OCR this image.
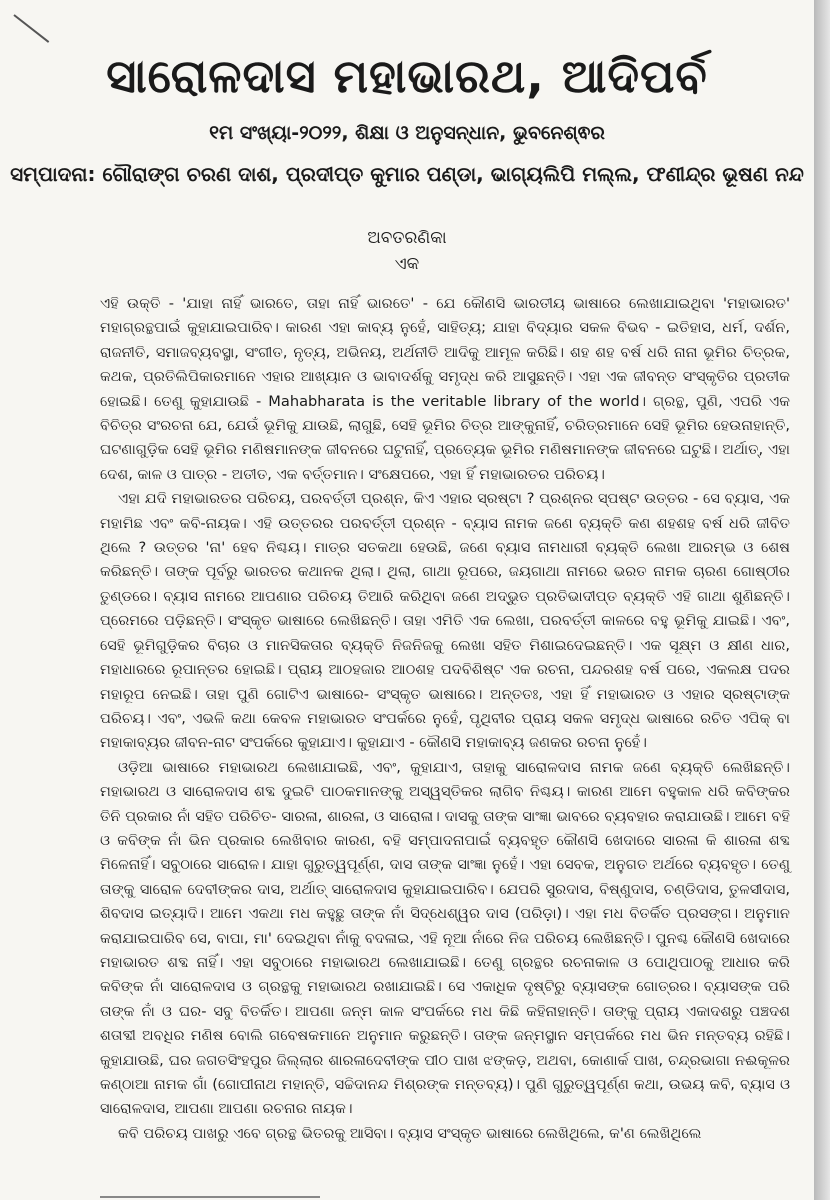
ସାରୋଳଦାସ ମହାଭାରଥ, ଆଦିପର୍ବ
୧ମ ସଂଖ୍ୟା-୨୦୨୨, ଶିକ୍ଷା ଓ ଅନୁସନ୍ଧାନ, ଭୁବନେଶ୍ଵର
ସମ୍ପାଦନା: ଗୌରାଙ୍ଗ ଚରଣ ଦାଶ, ପ୍ରଦୀପ୍ତ କୁମାର ପଣ୍ଡା, ଭାଗ୍ୟଲିପି ମଲ୍ଲ, ଫଣୀନ୍ଦ୍ର ଭୂଷଣ ନନ୍ଦ
ଅବତରଣିକା
ଏକ

ଏହି ଉକ୍ତି - 'ଯାହା ନାହିଁ ଭାରତେ, ତାହା ନାହିଁ ଭାରତେ' - ଯେ କୌଣସି ଭାରତୀୟ ଭାଷାରେ ଲେଖାଯାଇଥିବା 'ମହାଭାରତ' ମହାଗ୍ରନ୍ଥପାଇଁ କୁହାଯାଇପାରିବ। କାରଣ ଏହା କାବ୍ୟ ନୁହେଁ, ସାହିତ୍ୟ; ଯାହା ବିଦ୍ୟାର ସକଳ ବିଭବ - ଇତିହାସ, ଧର୍ମ, ଦର୍ଶନ, ରାଜନୀତି, ସମାଜବ୍ୟବସ୍ଥା, ସଂଗୀତ, ନୃତ୍ୟ, ଅଭିନୟ, ଅର୍ଥନୀତି ଆଦିକୁ ଆମୂଳ କରିଛି। ଶହ ଶହ ବର୍ଷ ଧରି ନାନା ଭୂମିର ଚିତ୍ରକ, କଥକ, ପ୍ରତିଲିପିକାରମାନେ ଏହାର ଆଖ୍ୟାନ ଓ ଭାବାଦର୍ଶକୁ ସମୃଦ୍ଧ କରି ଆସୁଛନ୍ତି। ଏହା ଏକ ଜୀବନ୍ତ ସଂସ୍କୃତିର ପ୍ରତୀକ ହୋଇଛି। ତେଣୁ କୁହାଯାଉଛି - Mahabharata is the veritable library of the world। ଗ୍ରନ୍ଥ, ପୁଣି, ଏପରି ଏକ ବିଚିତ୍ର ସଂରଚନା ଯେ, ଯେଉଁ ଭୂମିକୁ ଯାଉଛି, ଲାଗୁଛି, ସେହି ଭୂମିର ଚିତ୍ର ଆଙ୍କୁନାହିଁ, ଚରିତ୍ରମାନେ ସେହି ଭୂମିର ହେଉନାହାନ୍ତି, ଘଟଣାଗୁଡ଼ିକ ସେହି ଭୂମିର ମଣିଷମାନଙ୍କ ଜୀବନରେ ଘଟୁନାହିଁ, ପ୍ରତ୍ୟେକ ଭୂମିର ମଣିଷମାନଙ୍କ ଜୀବନରେ ଘଟୁଛି। ଅର୍ଥାତ୍, ଏହା ଦେଶ, କାଳ ଓ ପାତ୍ର - ଅତୀତ, ଏକ ବର୍ତ୍ତମାନ। ସଂକ୍ଷେପରେ, ଏହା ହିଁ ମହାଭାରତର ପରିଚୟ।

ଏହା ଯଦି ମହାଭାରତର ପରିଚୟ, ପରବର୍ତ୍ତୀ ପ୍ରଶ୍ନ, କିଏ ଏହାର ସ୍ରଷ୍ଟା ? ପ୍ରଶ୍ନର ସ୍ପଷ୍ଟ ଉତ୍ତର - ସେ ବ୍ୟାସ, ଏକ ମହାମିଛ ଏବଂ କବି-ନାୟକ। ଏହି ଉତ୍ତରର ପରବର୍ତ୍ତୀ ପ୍ରଶ୍ନ - ବ୍ୟାସ ନାମକ ଜଣେ ବ୍ୟକ୍ତି କଣ ଶହଶହ ବର୍ଷ ଧରି ଜୀବିତ ଥିଲେ ? ଉତ୍ତର 'ନା' ହେବ ନିଶ୍ଚୟ। ମାତ୍ର ସତକଥା ହେଉଛି, ଜଣେ ବ୍ୟାସ ନାମଧାରୀ ବ୍ୟକ୍ତି ଲେଖା ଆରମ୍ଭ ଓ ଶେଷ କରିଛନ୍ତି। ତାଙ୍କ ପୂର୍ବରୁ ଭାରତର କଥାନକ ଥିଲା। ଥିଲା, ଗାଥା ରୂପରେ, ଜୟଗାଥା ନାମରେ ଭରତ ନାମକ ଚାରଣ ଗୋଷ୍ଠୀର ତୁଣ୍ଡରେ। ବ୍ୟାସ ନାମରେ ଆପଣାର ପରିଚୟ ତିଆରି କରିଥିବା ଜଣେ ଅଦ୍ଭୁତ ପ୍ରତିଭାଦୀପ୍ତ ବ୍ୟକ୍ତି ଏହି ଗାଥା ଶୁଣିଛନ୍ତି। ପ୍ରେମରେ ପଡ଼ିଛନ୍ତି। ସଂସ୍କୃତ ଭାଷାରେ ଲେଖିଛନ୍ତି। ତାହା ଏମିତି ଏକ ଲେଖା, ପରବର୍ତ୍ତୀ କାଳରେ ବହୁ ଭୂମିକୁ ଯାଇଛି। ଏବଂ, ସେହି ଭୂମିଗୁଡ଼ିକର ବିଚାର ଓ ମାନସିକତାର ବ୍ୟକ୍ତି ନିଜନିଜକୁ ଲେଖା ସହିତ ମିଶାଇଦେଇଛନ୍ତି। ଏକ ସୂକ୍ଷ୍ମ ଓ କ୍ଷୀଣ ଧାର, ମହାଧାରରେ ରୂପାନ୍ତର ହୋଇଛି। ପ୍ରାୟ ଆଠହଜାର ଆଠଶହ ପଦବିଶିଷ୍ଟ ଏକ ରଚନା, ପନ୍ଦରଶହ ବର୍ଷ ପରେ, ଏକଲକ୍ଷ ପଦର ମହାରୂପ ନେଇଛି। ତାହା ପୁଣି ଗୋଟିଏ ଭାଷାରେ- ସଂସ୍କୃତ ଭାଷାରେ। ଅନ୍ତତଃ, ଏହା ହିଁ ମହାଭାରତ ଓ ଏହାର ସ୍ରଷ୍ଟାଙ୍କ ପରିଚୟ। ଏବଂ, ଏଭଳି କଥା କେବଳ ମହାଭାରତ ସଂପର୍କରେ ନୁହେଁ, ପୃଥିବୀର ପ୍ରାୟ ସକଳ ସମୃଦ୍ଧ ଭାଷାରେ ରଚିତ ଏପିକ୍ ବା ମହାକାବ୍ୟର ଜୀବନ-ନାଟ ସଂପର୍କରେ କୁହାଯାଏ। କୁହାଯାଏ - କୌଣସି ମହାକାବ୍ୟ ଜଣକର ରଚନା ନୁହେଁ।

ଓଡ଼ିଆ ଭାଷାରେ ମହାଭାରଥ ଲେଖାଯାଇଛି, ଏବଂ, କୁହାଯାଏ, ତାହାକୁ ସାରୋଳଦାସ ନାମକ ଜଣେ ବ୍ୟକ୍ତି ଲେଖିଛନ୍ତି। ମହାଭାରଥ ଓ ସାରୋଳଦାସ ଶବ୍ଦ ଦୁଇଟି ପାଠକମାନଙ୍କୁ ଅସ୍ୱସ୍ତିକର ଲାଗିବ ନିଶ୍ଚୟ। କାରଣ ଆମେ ବହୁକାଳ ଧରି କବିଙ୍କର ତିନି ପ୍ରକାର ନାଁ ସହିତ ପରିଚିତ- ସାରଳା, ଶାରଳା, ଓ ସାରୋଳା। ଦାସକୁ ତାଙ୍କ ସାଂଜ୍ଞା ଭାବରେ ବ୍ୟବହାର କରାଯାଉଛି। ଆମେ ବହି ଓ କବିଙ୍କ ନାଁ ଭିନ ପ୍ରକାର ଲେଖିବାର କାରଣ, ବହି ସମ୍ପାଦନାପାଇଁ ବ୍ୟବହୃତ କୌଣସି ଖେଦାରେ ସାରଳା କି ଶାରଳା ଶବ୍ଦ ମିଳେନାହିଁ। ସବୁଠାରେ ସାରୋଳ। ଯାହା ଗୁରୁତ୍ୱପୂର୍ଣ୍ଣ, ଦାସ ତାଙ୍କ ସାଂଜ୍ଞା ନୁହେଁ। ଏହା ସେବକ, ଅନୁଗତ ଅର୍ଥରେ ବ୍ୟବହୃତ। ତେଣୁ ତାଙ୍କୁ ସାରୋଳ ଦେବୀଙ୍କର ଦାସ, ଅର୍ଥାତ୍ ସାରୋଳଦାସ କୁହାଯାଇପାରିବ। ଯେପରି ସୁରଦାସ, ବିଷ୍ଣୁଦାସ, ଚଣ୍ଡିଦାସ, ତୁଳସୀଦାସ, ଶିବଦାସ ଇତ୍ୟାଦି। ଆମେ ଏକଥା ମଧ କହୁଛୁ ତାଙ୍କ ନାଁ ସିଦ୍ଧେଶ୍ୱର ଦାସ (ପରିଡ଼ା)। ଏହା ମଧ ବିତର୍କିତ ପ୍ରସଙ୍ଗ। ଅନୁମାନ କରାଯାଇପାରିବ ସେ, ବାପା, ମା' ଦେଇଥିବା ନାଁକୁ ବଦଳାଇ, ଏହି ନୂଆ ନାଁରେ ନିଜ ପରିଚୟ ଲେଖିଛନ୍ତି। ପୁନଶ୍ଚ କୌଣସି ଖେଦାରେ ମହାଭାରତ ଶବ୍ଦ ନାହିଁ। ଏହା ସବୁଠାରେ ମହାଭାରଥ ଲେଖାଯାଇଛି। ତେଣୁ ଗ୍ରନ୍ଥର ରଚନାକାଳ ଓ ପୋଥିପାଠକୁ ଆଧାର କରି କବିଙ୍କ ନାଁ ସାରୋଳଦାସ ଓ ଗ୍ରନ୍ଥକୁ ମହାଭାରଥ ରଖାଯାଇଛି। ସେ ଏକାଧିକ ଦୃଷ୍ଟିରୁ ବ୍ୟାସଙ୍କ ଗୋତ୍ରର। ବ୍ୟାସଙ୍କ ପରି ତାଙ୍କ ନାଁ ଓ ଘର- ସବୁ ବିତର୍କିତ। ଆପଣା ଜନ୍ମ କାଳ ସଂପର୍କରେ ମଧ କିଛି କହିନାହାନ୍ତି। ତାଙ୍କୁ ପ୍ରାୟ ଏକାଦଶରୁ ପଞ୍ଚଦଶ ଶତାବ୍ଦୀ ଅବଧିର ମଣିଷ ବୋଲି ଗବେଷକମାନେ ଅନୁମାନ କରୁଛନ୍ତି। ତାଙ୍କ ଜନ୍ମସ୍ଥାନ ସମ୍ପର୍କରେ ମଧ ଭିନ ମନ୍ତବ୍ୟ ରହିଛି। କୁହାଯାଉଛି, ଘର ଜଗତସିଂହପୁର ଜିଲ୍ଲାର ଶାରଳାଦେବୀଙ୍କ ପୀଠ ପାଖ ଝଙ୍କଡ଼, ଅଥବା, କୋଣାର୍କ ପାଖ, ଚନ୍ଦ୍ରଭାଗା ନଈକୂଳର କଣ୍ଠାଆ ନାମକ ଗାଁ (ଗୋପୀନାଥ ମହାନ୍ତି, ସଚ୍ଚିଦାନନ୍ଦ ମିଶ୍ରଙ୍କ ମନ୍ତବ୍ୟ)। ପୁଣି ଗୁରୁତ୍ୱପୂର୍ଣ୍ଣ କଥା, ଉଭୟ କବି, ବ୍ୟାସ ଓ ସାରୋଳଦାସ, ଆପଣା ଆପଣା ରଚନାର ନାୟକ।

କବି ପରିଚୟ ପାଖରୁ ଏବେ ଗ୍ରନ୍ଥ ଭିତରକୁ ଆସିବା। ବ୍ୟାସ ସଂସ୍କୃତ ଭାଷାରେ ଲେଖିଥିଲେ, କ'ଣ ଲେଖିଥିଲେ
